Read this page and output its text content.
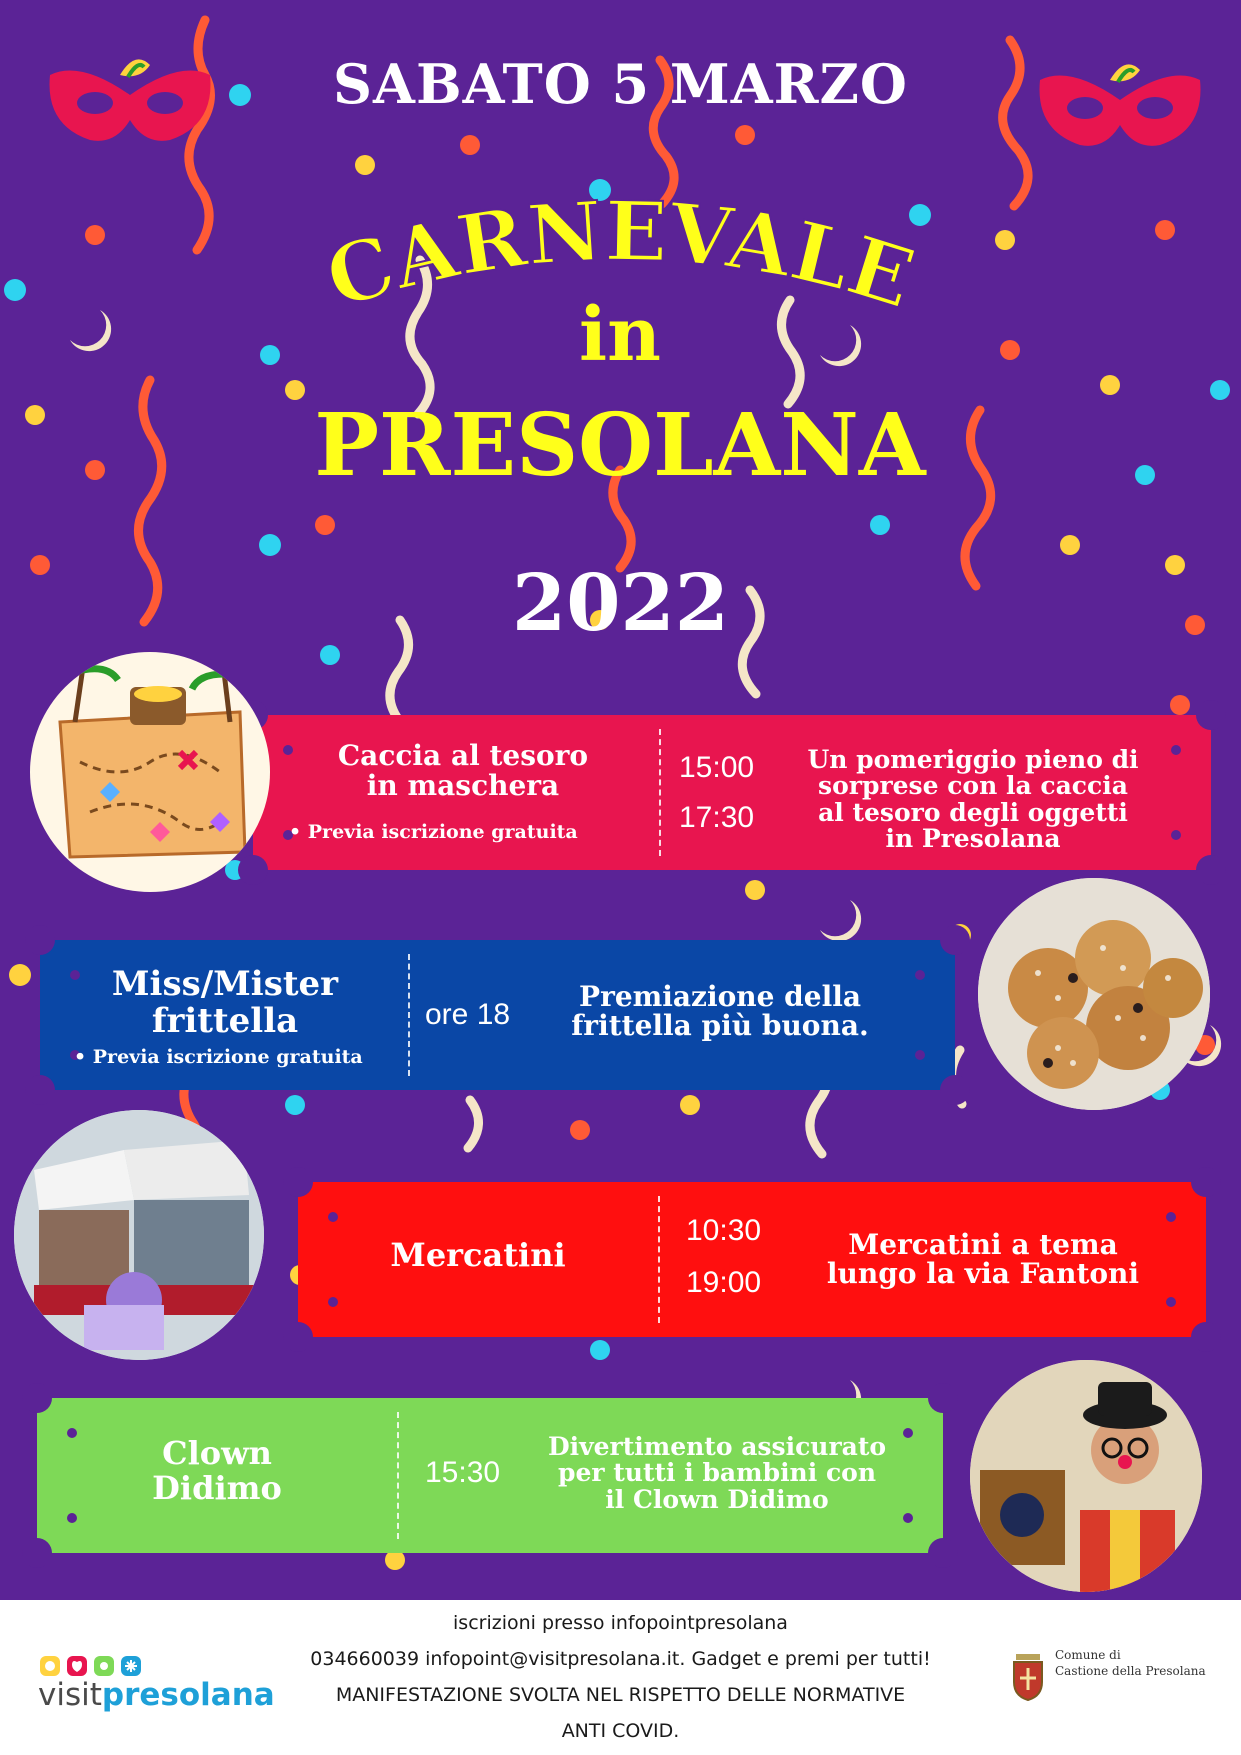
SABATO 5 MARZO
CARNEVALE
in
PRESOLANA
2022
Caccia al tesoro
in maschera
• Previa iscrizione gratuita
15:00
17:30
Un pomeriggio pieno di
sorprese con la caccia
al tesoro degli oggetti
in Presolana
Miss/Mister
frittella
• Previa iscrizione gratuita
ore 18
Premiazione della
frittella più buona.
Mercatini
10:30
19:00
Mercatini a tema
lungo la via Fantoni
Clown
Didimo	15:30
Divertimento assicurato
per tutti i bambini con
il Clown Didimo
iscrizioni presso infopointpresolana
034660039 infopoint@visitpresolana.it. Gadget e premi per tutti!
MANIFESTAZIONE SVOLTA NEL RISPETTO DELLE NORMATIVE
ANTI COVID.
visitpresolana
Comune di
Castione della Presolana
